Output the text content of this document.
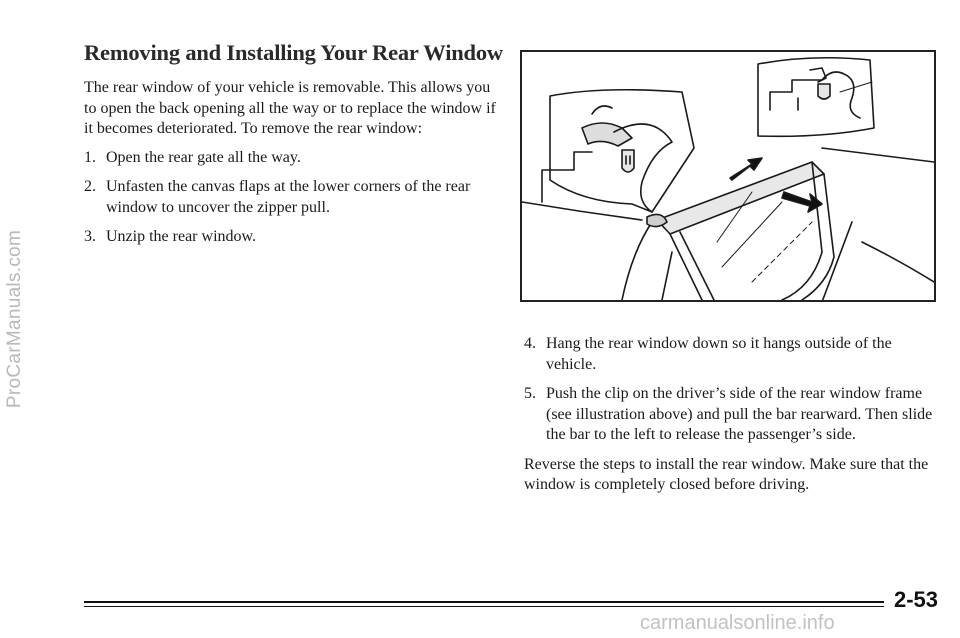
ProCarManuals.com
Removing and Installing Your Rear Window

The rear window of your vehicle is removable. This allows you to open the back opening all the way or to replace the window if it becomes deteriorated. To remove the rear window:

1. Open the rear gate all the way.
2. Unfasten the canvas flaps at the lower corners of the rear window to uncover the zipper pull.
3. Unzip the rear window.
4. Hang the rear window down so it hangs outside of the vehicle.
5. Push the clip on the driver’s side of the rear window frame (see illustration above) and pull the bar rearward. Then slide the bar to the left to release the passenger’s side.

Reverse the steps to install the rear window. Make sure that the window is completely closed before driving.

2-53
carmanualsonline.info
